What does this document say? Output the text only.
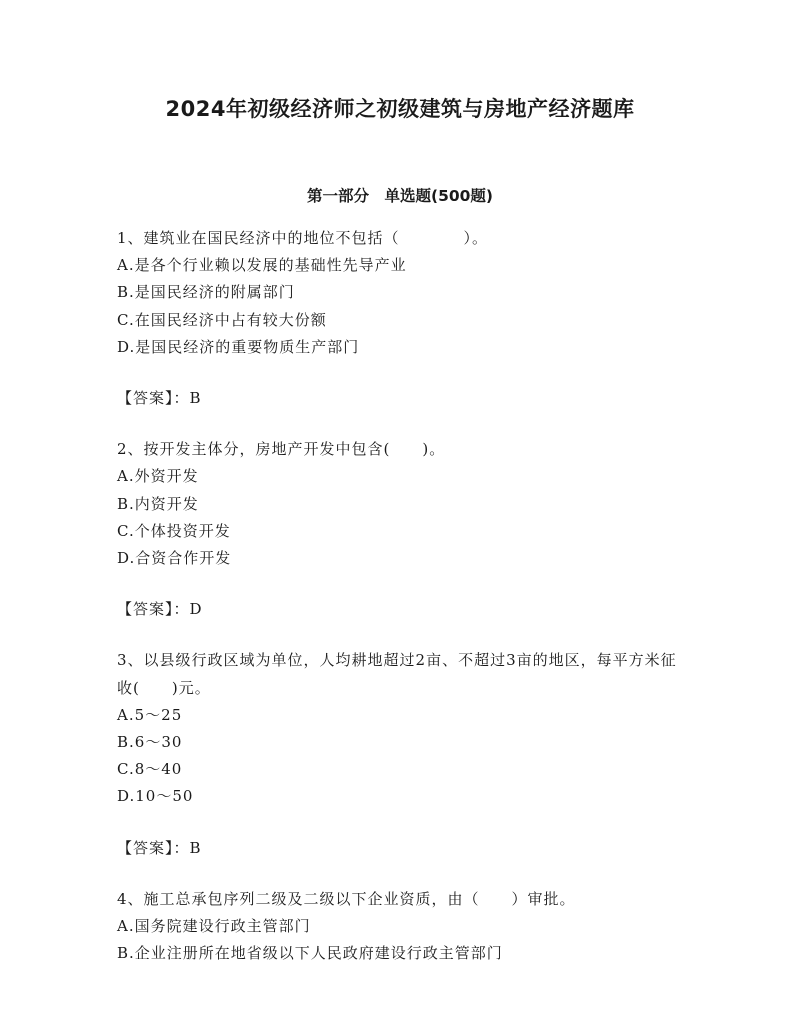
2024年初级经济师之初级建筑与房地产经济题库
第一部分　单选题(500题)

1、建筑业在国民经济中的地位不包括（　　　　）。

A.是各个行业赖以发展的基础性先导产业
B.是国民经济的附属部门
C.在国民经济中占有较大份额
D.是国民经济的重要物质生产部门

【答案】：B

2、按开发主体分，房地产开发中包含(　　)。

A.外资开发
B.内资开发
C.个体投资开发
D.合资合作开发

【答案】：D

3、以县级行政区域为单位，人均耕地超过2亩、不超过3亩的地区，每平方米征收(　　)元。

A.5～25
B.6～30
C.8～40
D.10～50

【答案】：B

4、施工总承包序列二级及二级以下企业资质，由（　　）审批。

A.国务院建设行政主管部门
B.企业注册所在地省级以下人民政府建设行政主管部门
